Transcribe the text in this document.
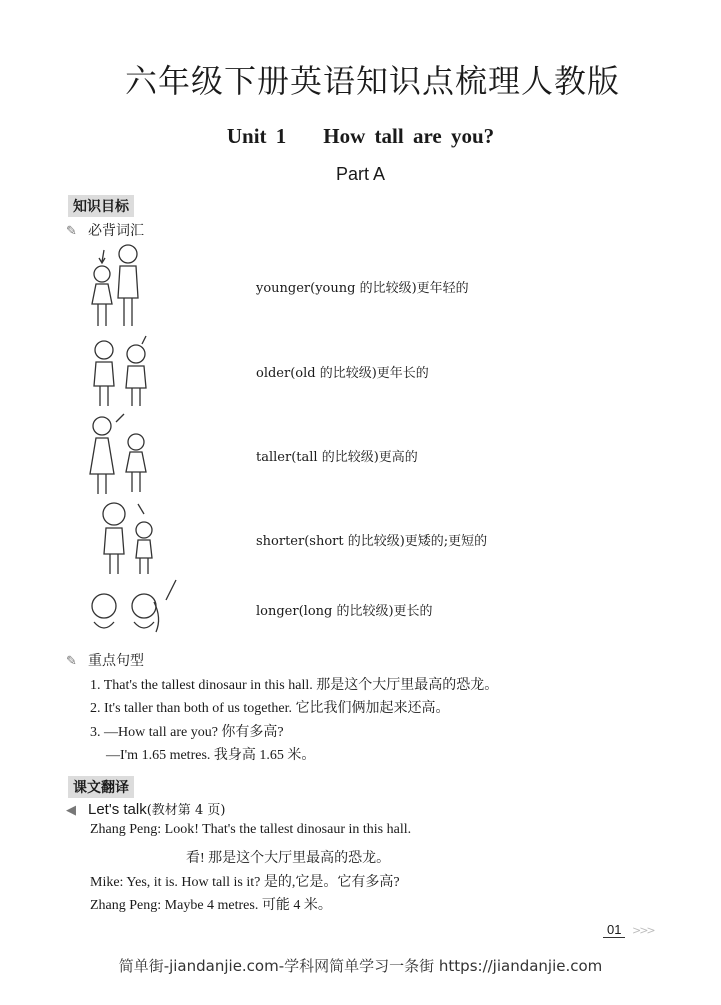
六年级下册英语知识点梳理人教版
Unit 1    How tall are you?
Part A
知识目标
✎ 必背词汇
younger(young 的比较级)更年轻的
older(old 的比较级)更年长的
taller(tall 的比较级)更高的
shorter(short 的比较级)更矮的;更短的
longer(long 的比较级)更长的
✎ 重点句型
1. That's the tallest dinosaur in this hall. 那是这个大厅里最高的恐龙。
2. It's taller than both of us together. 它比我们俩加起来还高。
3. —How tall are you? 你有多高?
—I'm 1.65 metres. 我身高 1.65 米。
课文翻译
◀ Let's talk(教材第 4 页)
Zhang Peng: Look! That's the tallest dinosaur in this hall.
看! 那是这个大厅里最高的恐龙。
Mike: Yes, it is. How tall is it? 是的,它是。它有多高?
Zhang Peng: Maybe 4 metres. 可能 4 米。
01 >>>
简单街-jiandanjie.com-学科网简单学习一条街 https://jiandanjie.com
